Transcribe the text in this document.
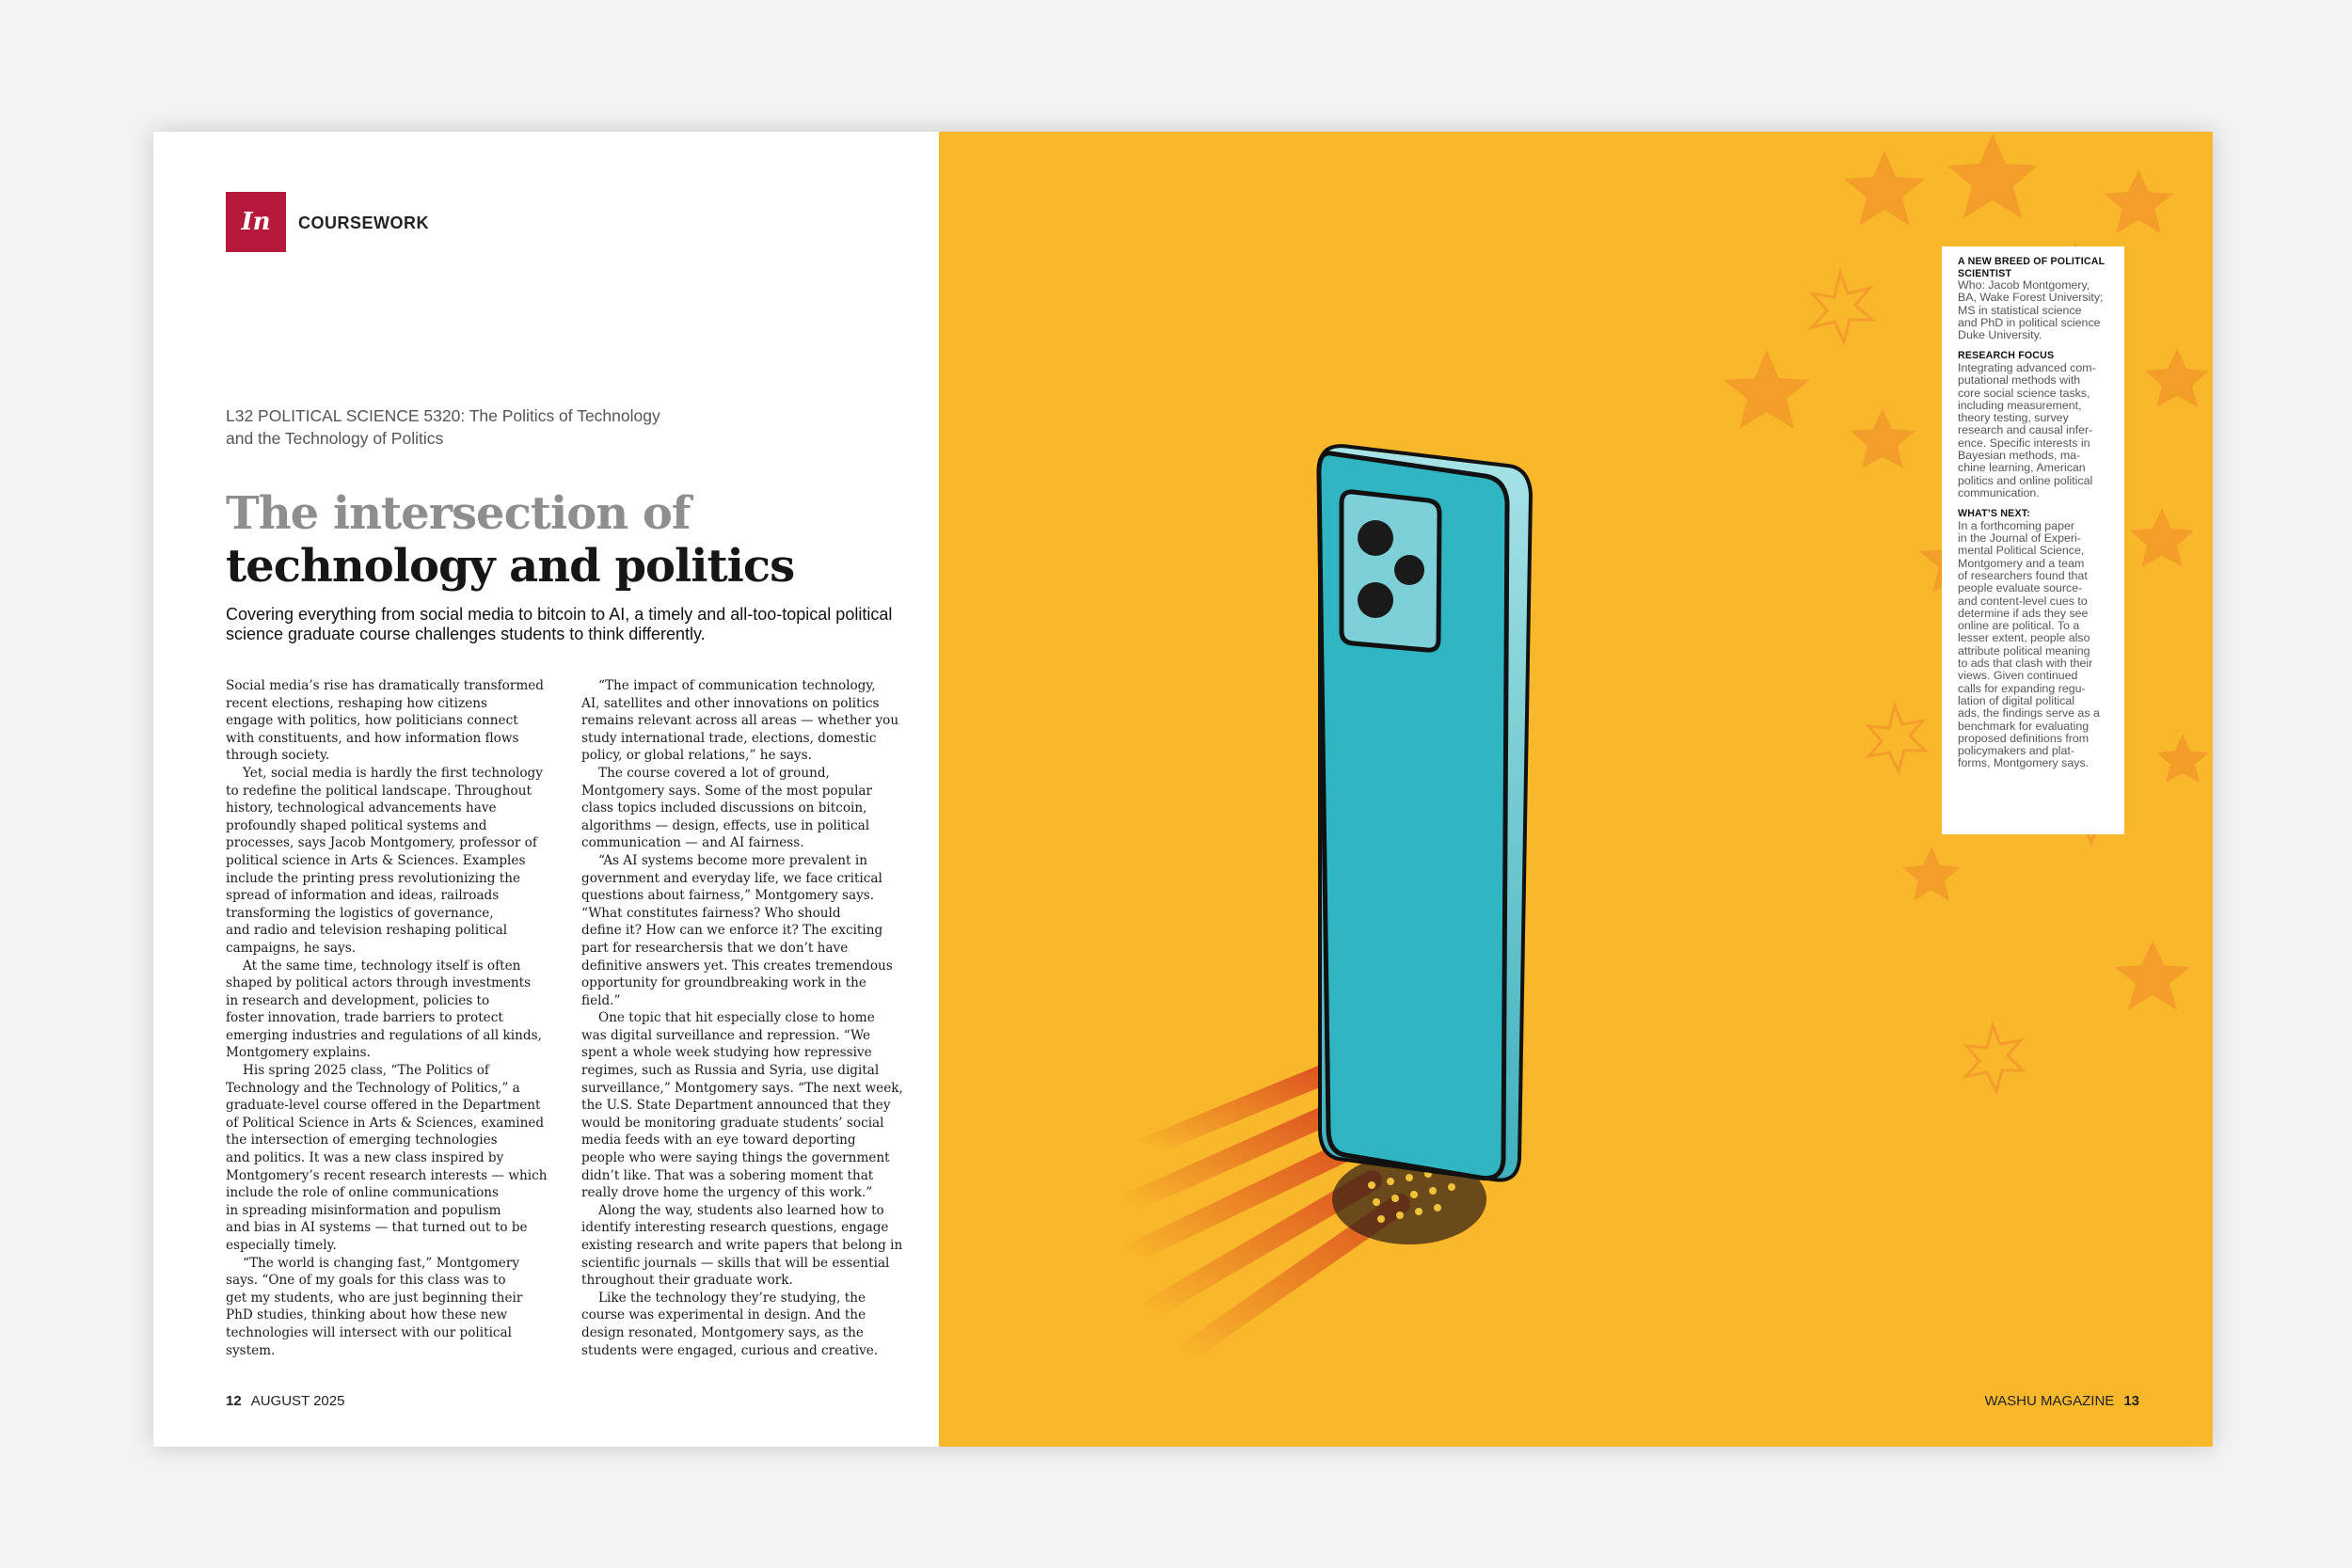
In	COURSEWORK
L32 POLITICAL SCIENCE 5320: The Politics of Technology
and the Technology of Politics
The intersection of
technology and politics
Covering everything from social media to bitcoin to AI, a timely and all-too-topical political
science graduate course challenges students to think differently.
Social media’s rise has dramatically transformed
recent elections, reshaping how citizens
engage with politics, how politicians connect
with constituents, and how information flows
through society.
Yet, social media is hardly the first technology
to redefine the political landscape. Throughout
history, technological advancements have
profoundly shaped political systems and
processes, says Jacob Montgomery, professor of
political science in Arts & Sciences. Examples
include the printing press revolutionizing the
spread of information and ideas, railroads
transforming the logistics of governance,
and radio and television reshaping political
campaigns, he says.
At the same time, technology itself is often
shaped by political actors through investments
in research and development, policies to
foster innovation, trade barriers to protect
emerging industries and regulations of all kinds,
Montgomery explains.
His spring 2025 class, “The Politics of
Technology and the Technology of Politics,” a
graduate-level course offered in the Department
of Political Science in Arts & Sciences, examined
the intersection of emerging technologies
and politics. It was a new class inspired by
Montgomery’s recent research interests — which
include the role of online communications
in spreading misinformation and populism
and bias in AI systems — that turned out to be
especially timely.
“The world is changing fast,” Montgomery
says. “One of my goals for this class was to
get my students, who are just beginning their
PhD studies, thinking about how these new
technologies will intersect with our political
system.
“The impact of communication technology,
AI, satellites and other innovations on politics
remains relevant across all areas — whether you
study international trade, elections, domestic
policy, or global relations,” he says.
The course covered a lot of ground,
Montgomery says. Some of the most popular
class topics included discussions on bitcoin,
algorithms — design, effects, use in political
communication — and AI fairness.
“As AI systems become more prevalent in
government and everyday life, we face critical
questions about fairness,” Montgomery says.
“What constitutes fairness? Who should
define it? How can we enforce it? The exciting
part for researchersis that we don’t have
definitive answers yet. This creates tremendous
opportunity for groundbreaking work in the
field.”
One topic that hit especially close to home
was digital surveillance and repression. “We
spent a whole week studying how repressive
regimes, such as Russia and Syria, use digital
surveillance,” Montgomery says. “The next week,
the U.S. State Department announced that they
would be monitoring graduate students’ social
media feeds with an eye toward deporting
people who were saying things the government
didn’t like. That was a sobering moment that
really drove home the urgency of this work.”
Along the way, students also learned how to
identify interesting research questions, engage
existing research and write papers that belong in
scientific journals — skills that will be essential
throughout their graduate work.
Like the technology they’re studying, the
course was experimental in design. And the
design resonated, Montgomery says, as the
students were engaged, curious and creative.
12 AUGUST 2025
A NEW BREED OF POLITICAL
SCIENTIST

Who: Jacob Montgomery,
BA, Wake Forest University;
MS in statistical science
and PhD in political science
Duke University.

RESEARCH FOCUS

Integrating advanced com-
putational methods with
core social science tasks,
including measurement,
theory testing, survey
research and causal infer-
ence. Specific interests in
Bayesian methods, ma-
chine learning, American
politics and online political
communication.

WHAT’S NEXT:

In a forthcoming paper
in the Journal of Experi-
mental Political Science,
Montgomery and a team
of researchers found that
people evaluate source-
and content-level cues to
determine if ads they see
online are political. To a
lesser extent, people also
attribute political meaning
to ads that clash with their
views. Given continued
calls for expanding regu-
lation of digital political
ads, the findings serve as a
benchmark for evaluating
proposed definitions from
policymakers and plat-
forms, Montgomery says.

WASHU MAGAZINE 13
